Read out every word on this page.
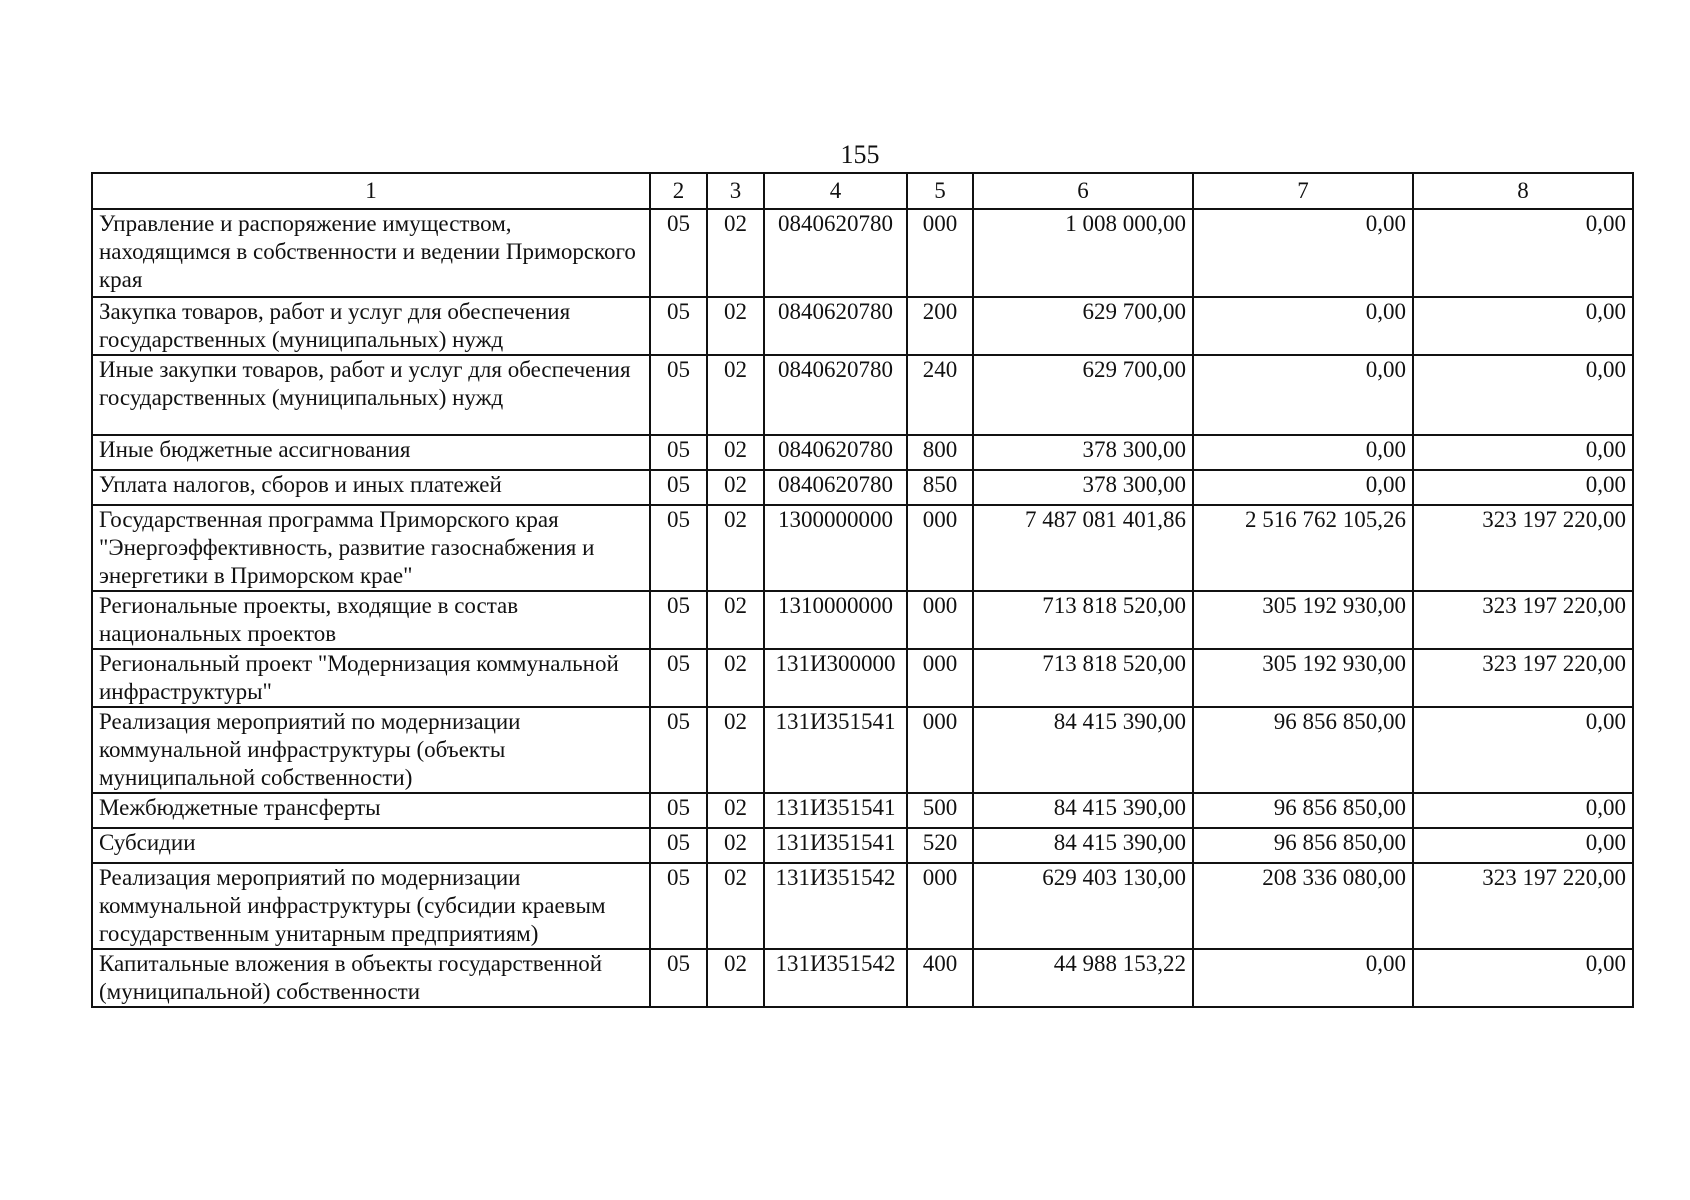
155
1	2	3	4	5	6	7	8
Управление и распоряжение имуществом, находящимся в собственности и ведении Приморского края	05	02	0840620780	000	1 008 000,00	0,00	0,00
Закупка товаров, работ и услуг для обеспечения государственных (муниципальных) нужд	05	02	0840620780	200	629 700,00	0,00	0,00
Иные закупки товаров, работ и услуг для обеспечения государственных (муниципальных) нужд	05	02	0840620780	240	629 700,00	0,00	0,00
Иные бюджетные ассигнования	05	02	0840620780	800	378 300,00	0,00	0,00
Уплата налогов, сборов и иных платежей	05	02	0840620780	850	378 300,00	0,00	0,00
Государственная программа Приморского края "Энергоэффективность, развитие газоснабжения и энергетики в Приморском крае"	05	02	1300000000	000	7 487 081 401,86	2 516 762 105,26	323 197 220,00
Региональные проекты, входящие в состав национальных проектов	05	02	1310000000	000	713 818 520,00	305 192 930,00	323 197 220,00
Региональный проект "Модернизация коммунальной инфраструктуры"	05	02	131И300000	000	713 818 520,00	305 192 930,00	323 197 220,00
Реализация мероприятий по модернизации коммунальной инфраструктуры (объекты муниципальной собственности)	05	02	131И351541	000	84 415 390,00	96 856 850,00	0,00
Межбюджетные трансферты	05	02	131И351541	500	84 415 390,00	96 856 850,00	0,00
Субсидии	05	02	131И351541	520	84 415 390,00	96 856 850,00	0,00
Реализация мероприятий по модернизации коммунальной инфраструктуры (субсидии краевым государственным унитарным предприятиям)	05	02	131И351542	000	629 403 130,00	208 336 080,00	323 197 220,00
Капитальные вложения в объекты государственной (муниципальной) собственности	05	02	131И351542	400	44 988 153,22	0,00	0,00
